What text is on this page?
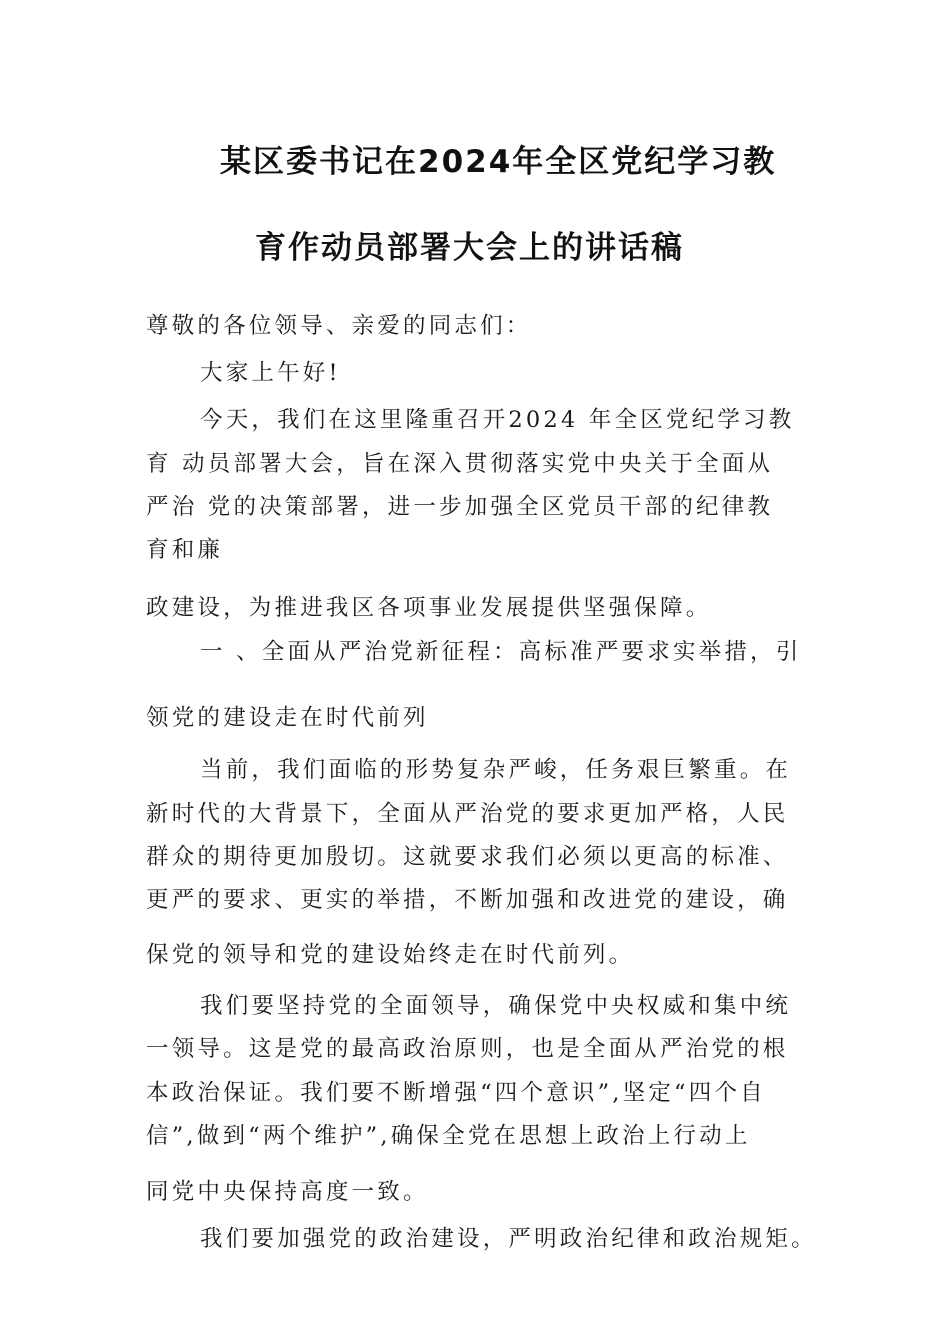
某区委书记在2024年全区党纪学习教
育作动员部署大会上的讲话稿
尊敬的各位领导、亲爱的同志们：
大家上午好!
今天，我们在这里隆重召开2024 年全区党纪学习教
育 动员部署大会，旨在深入贯彻落实党中央关于全面从
严治 党的决策部署，进一步加强全区党员干部的纪律教
育和廉
政建设，为推进我区各项事业发展提供坚强保障。
一 、全面从严治党新征程：高标准严要求实举措，引
领党的建设走在时代前列
当前，我们面临的形势复杂严峻，任务艰巨繁重。在
新时代的大背景下，全面从严治党的要求更加严格，人民
群众的期待更加殷切。这就要求我们必须以更高的标准、
更严的要求、更实的举措，不断加强和改进党的建设，确
保党的领导和党的建设始终走在时代前列。
我们要坚持党的全面领导，确保党中央权威和集中统
一领导。这是党的最高政治原则，也是全面从严治党的根
本政治保证。我们要不断增强“四个意识”,坚定“四个自
信”,做到“两个维护”,确保全党在思想上政治上行动上
同党中央保持高度一致。
我们要加强党的政治建设，严明政治纪律和政治规矩。
